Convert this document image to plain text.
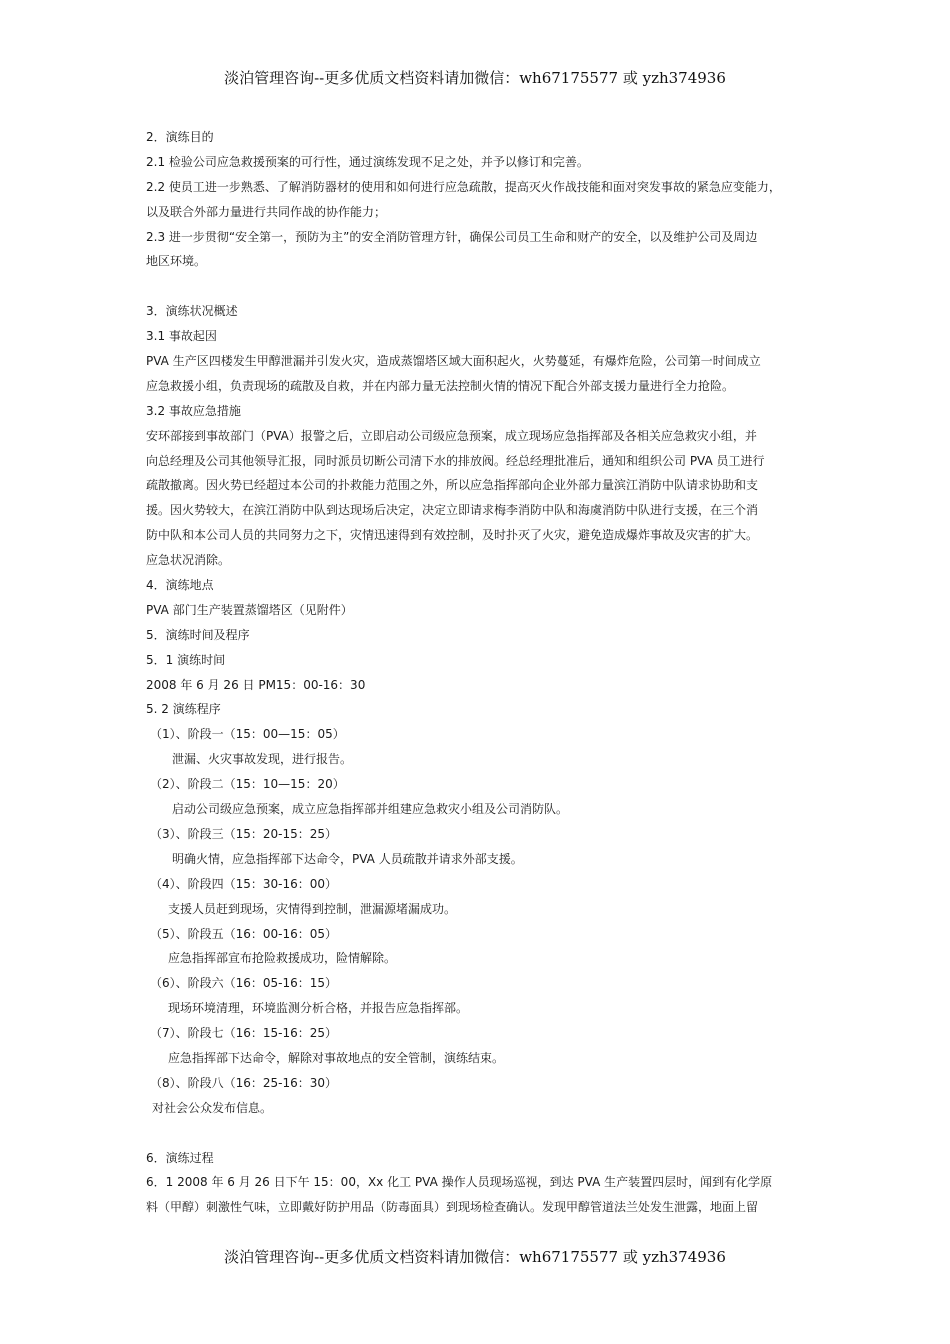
淡泊管理咨询--更多优质文档资料请加微信：wh67175577 或 yzh374936
2．演练目的
2.1 检验公司应急救援预案的可行性，通过演练发现不足之处，并予以修订和完善。
2.2 使员工进一步熟悉、了解消防器材的使用和如何进行应急疏散，提高灭火作战技能和面对突发事故的紧急应变能力，
以及联合外部力量进行共同作战的协作能力；
2.3 进一步贯彻“安全第一，预防为主”的安全消防管理方针，确保公司员工生命和财产的安全，以及维护公司及周边
地区环境。
3．演练状况概述
3.1 事故起因
PVA 生产区四楼发生甲醇泄漏并引发火灾，造成蒸馏塔区域大面积起火，火势蔓延，有爆炸危险，公司第一时间成立
应急救援小组，负责现场的疏散及自救，并在内部力量无法控制火情的情况下配合外部支援力量进行全力抢险。
3.2 事故应急措施
安环部接到事故部门（PVA）报警之后，立即启动公司级应急预案，成立现场应急指挥部及各相关应急救灾小组，并
向总经理及公司其他领导汇报，同时派员切断公司清下水的排放阀。经总经理批准后，通知和组织公司 PVA 员工进行
疏散撤离。因火势已经超过本公司的扑救能力范围之外，所以应急指挥部向企业外部力量滨江消防中队请求协助和支
援。因火势较大，在滨江消防中队到达现场后决定，决定立即请求梅李消防中队和海虞消防中队进行支援，在三个消
防中队和本公司人员的共同努力之下，灾情迅速得到有效控制，及时扑灭了火灾，避免造成爆炸事故及灾害的扩大。
应急状况消除。
4．演练地点
PVA 部门生产装置蒸馏塔区（见附件）
5．演练时间及程序
5．1 演练时间
2008 年 6 月 26 日 PM15：00-16：30
5. 2 演练程序
（1）、阶段一（15：00—15：05）
泄漏、火灾事故发现，进行报告。
（2）、阶段二（15：10—15：20）
启动公司级应急预案，成立应急指挥部并组建应急救灾小组及公司消防队。
（3）、阶段三（15：20-15：25）
明确火情，应急指挥部下达命令，PVA 人员疏散并请求外部支援。
（4）、阶段四（15：30-16：00）
支援人员赶到现场，灾情得到控制，泄漏源堵漏成功。
（5）、阶段五（16：00-16：05）
应急指挥部宣布抢险救援成功，险情解除。
（6）、阶段六（16：05-16：15）
现场环境清理，环境监测分析合格，并报告应急指挥部。
（7）、阶段七（16：15-16：25）
应急指挥部下达命令，解除对事故地点的安全管制，演练结束。
（8）、阶段八（16：25-16：30）
对社会公众发布信息。
6．演练过程
6．1 2008 年 6 月 26 日下午 15：00，Xx 化工 PVA 操作人员现场巡视，到达 PVA 生产装置四层时，闻到有化学原
料（甲醇）刺激性气味，立即戴好防护用品（防毒面具）到现场检查确认。发现甲醇管道法兰处发生泄露，地面上留
淡泊管理咨询--更多优质文档资料请加微信：wh67175577 或 yzh374936
